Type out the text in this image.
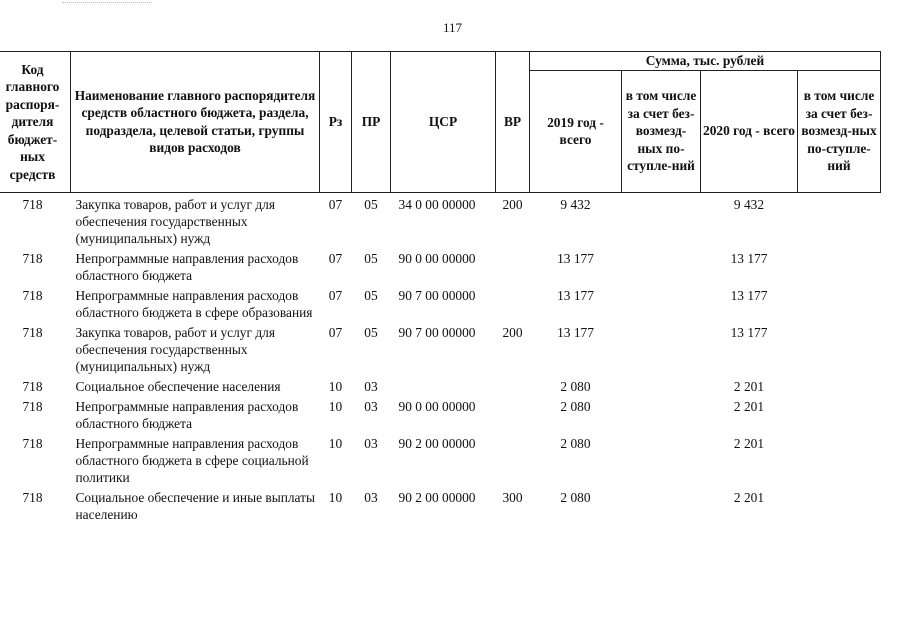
117
Код главного распоря-дителя бюджет-ных средств	Наименование главного распорядителя средств областного бюджета, раздела, подраздела, целевой статьи, группы видов расходов	Рз	ПР	ЦСР	ВР	Сумма, тыс. рублей			
						2019 год - всего	в том числе за счет без-возмезд-ных по-ступле-ний	2020 год - всего	в том числе за счет без-возмезд-ных по-ступле-ний
718	Закупка товаров, работ и услуг для обеспечения государственных (муниципальных) нужд	07	05	34 0 00 00000	200	9 432		9 432	
718	Непрограммные направления расходов областного бюджета	07	05	90 0 00 00000		13 177		13 177	
718	Непрограммные направления расходов областного бюджета в сфере образования	07	05	90 7 00 00000		13 177		13 177	
718	Закупка товаров, работ и услуг для обеспечения государственных (муниципальных) нужд	07	05	90 7 00 00000	200	13 177		13 177	
718	Социальное обеспечение населения	10	03			2 080		2 201	
718	Непрограммные направления расходов областного бюджета	10	03	90 0 00 00000		2 080		2 201	
718	Непрограммные направления расходов областного бюджета в сфере социальной политики	10	03	90 2 00 00000		2 080		2 201	
718	Социальное обеспечение и иные выплаты населению	10	03	90 2 00 00000	300	2 080		2 201	
